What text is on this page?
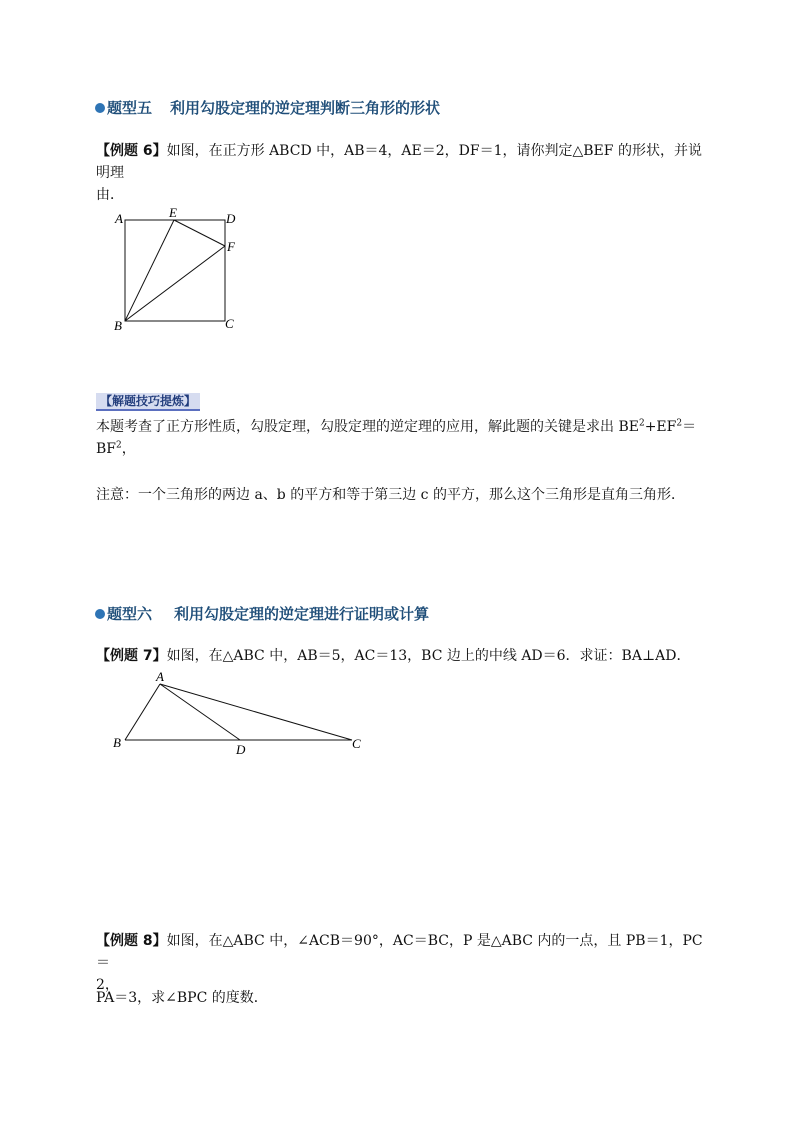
题型五 利用勾股定理的逆定理判断三角形的形状
【例题 6】如图，在正方形 ABCD 中，AB＝4，AE＝2，DF＝1，请你判定△BEF 的形状，并说明理
由．
A	E	D
F
B	C
【解题技巧提炼】
本题考查了正方形性质，勾股定理，勾股定理的逆定理的应用，解此题的关键是求出 $BE^2+EF^2=$
$BF^2$，
注意：一个三角形的两边 a、b 的平方和等于第三边 c 的平方，那么这个三角形是直角三角形．
题型六 利用勾股定理的逆定理进行证明或计算
【例题 7】如图，在△ABC 中，AB＝5，AC＝13，BC 边上的中线 AD＝6．求证：BA⊥AD．
A
B	D	C
【例题 8】如图，在△ABC 中，∠ACB＝90°，AC＝BC，P 是△ABC 内的一点，且 PB＝1，PC＝
2，
PA＝3，求∠BPC 的度数．
